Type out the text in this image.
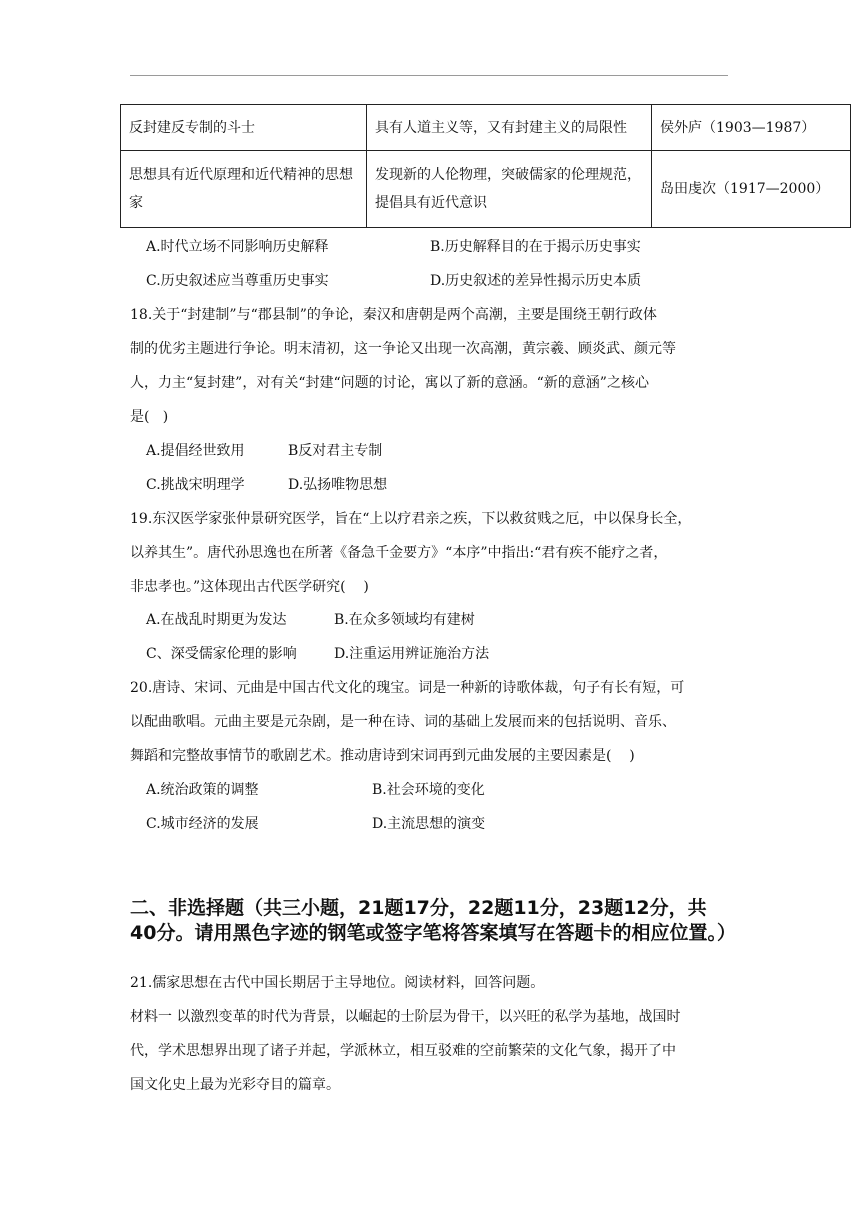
反封建反专制的斗士	具有人道主义等，又有封建主义的局限性	侯外庐（1903—1987）
思想具有近代原理和近代精神的思想家	发现新的人伦物理，突破儒家的伦理规范，提倡具有近代意识	岛田虔次（1917—2000）
A.时代立场不同影响历史解释	B.历史解释目的在于揭示历史事实
C.历史叙述应当尊重历史事实	D.历史叙述的差异性揭示历史本质
18.关于“封建制”与“郡县制”的争论，秦汉和唐朝是两个高潮，主要是围绕王朝行政体
制的优劣主题进行争论。明末清初，这一争论又出现一次高潮，黄宗羲、顾炎武、颜元等
人，力主“复封建”，对有关“封建“问题的讨论，寓以了新的意涵。“新的意涵”之核心
是(   )
A.提倡经世致用	B反对君主专制
C.挑战宋明理学	D.弘扬唯物思想
19.东汉医学家张仲景研究医学，旨在“上以疗君亲之疾，下以救贫贱之厄，中以保身长全，
以养其生”。唐代孙思逸也在所著《备急千金要方》“本序”中指出:“君有疾不能疗之者，
非忠孝也。”这体现出古代医学研究(    )
A.在战乱时期更为发达	B.在众多领域均有建树
C、深受儒家伦理的影响	D.注重运用辨证施治方法
20.唐诗、宋词、元曲是中国古代文化的瑰宝。词是一种新的诗歌体裁，句子有长有短，可
以配曲歌唱。元曲主要是元杂剧，是一种在诗、词的基础上发展而来的包括说明、音乐、
舞蹈和完整故事情节的歌剧艺术。推动唐诗到宋词再到元曲发展的主要因素是(    )
A.统治政策的调整	B.社会环境的变化
C.城市经济的发展	D.主流思想的演变
二、非选择题（共三小题，21题17分，22题11分，23题12分，共40分。请用黑色字迹的钢笔或签字笔将答案填写在答题卡的相应位置。）
21.儒家思想在古代中国长期居于主导地位。阅读材料，回答问题。
材料一 以激烈变革的时代为背景，以崛起的士阶层为骨干，以兴旺的私学为基地，战国时
代，学术思想界出现了诸子并起，学派林立，相互驳难的空前繁荣的文化气象，揭开了中
国文化史上最为光彩夺目的篇章。
